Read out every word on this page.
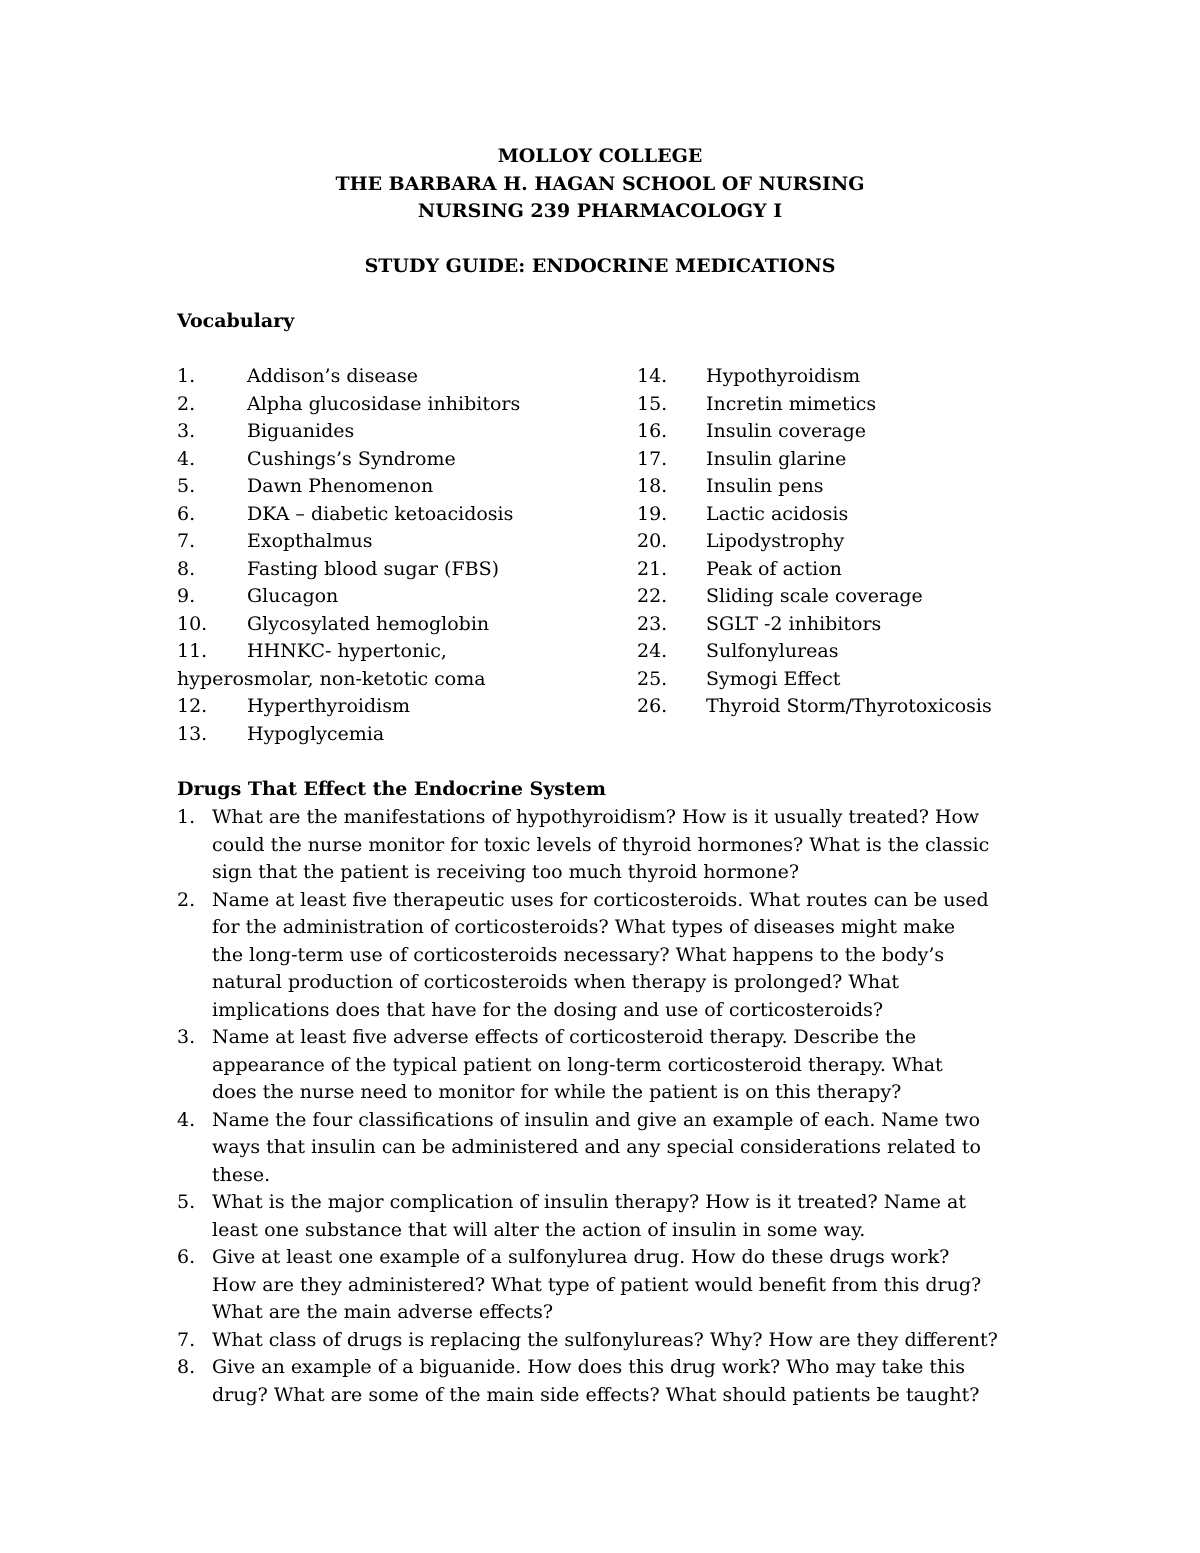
MOLLOY COLLEGE
THE BARBARA H. HAGAN SCHOOL OF NURSING
NURSING 239 PHARMACOLOGY I
STUDY GUIDE: ENDOCRINE MEDICATIONS
Vocabulary
1.	Addison’s disease
2.	Alpha glucosidase inhibitors
3.	Biguanides
4.	Cushings’s Syndrome
5.	Dawn Phenomenon
6.	DKA – diabetic ketoacidosis
7.	Exopthalmus
8.	Fasting blood sugar (FBS)
9.	Glucagon
10. Glycosylated hemoglobin
11. HHNKC- hypertonic,
hyperosmolar, non-ketotic coma
12. Hyperthyroidism
13. Hypoglycemia
14. Hypothyroidism
15. Incretin mimetics
16. Insulin coverage
17. Insulin glarine
18. Insulin pens
19. Lactic acidosis
20. Lipodystrophy
21. Peak of action
22. Sliding scale coverage
23. SGLT -2 inhibitors
24. Sulfonylureas
25. Symogi Effect
26. Thyroid Storm/Thyrotoxicosis
Drugs That Effect the Endocrine System
1. What are the manifestations of hypothyroidism? How is it usually treated? How
could the nurse monitor for toxic levels of thyroid hormones? What is the classic
sign that the patient is receiving too much thyroid hormone?
2. Name at least five therapeutic uses for corticosteroids. What routes can be used
for the administration of corticosteroids? What types of diseases might make
the long-term use of corticosteroids necessary? What happens to the body’s
natural production of corticosteroids when therapy is prolonged? What
implications does that have for the dosing and use of corticosteroids?
3. Name at least five adverse effects of corticosteroid therapy. Describe the
appearance of the typical patient on long-term corticosteroid therapy. What
does the nurse need to monitor for while the patient is on this therapy?
4. Name the four classifications of insulin and give an example of each. Name two
ways that insulin can be administered and any special considerations related to
these.
5. What is the major complication of insulin therapy? How is it treated? Name at
least one substance that will alter the action of insulin in some way.
6. Give at least one example of a sulfonylurea drug. How do these drugs work?
How are they administered? What type of patient would benefit from this drug?
What are the main adverse effects?
7. What class of drugs is replacing the sulfonylureas? Why? How are they different?
8. Give an example of a biguanide. How does this drug work? Who may take this
drug? What are some of the main side effects? What should patients be taught?
